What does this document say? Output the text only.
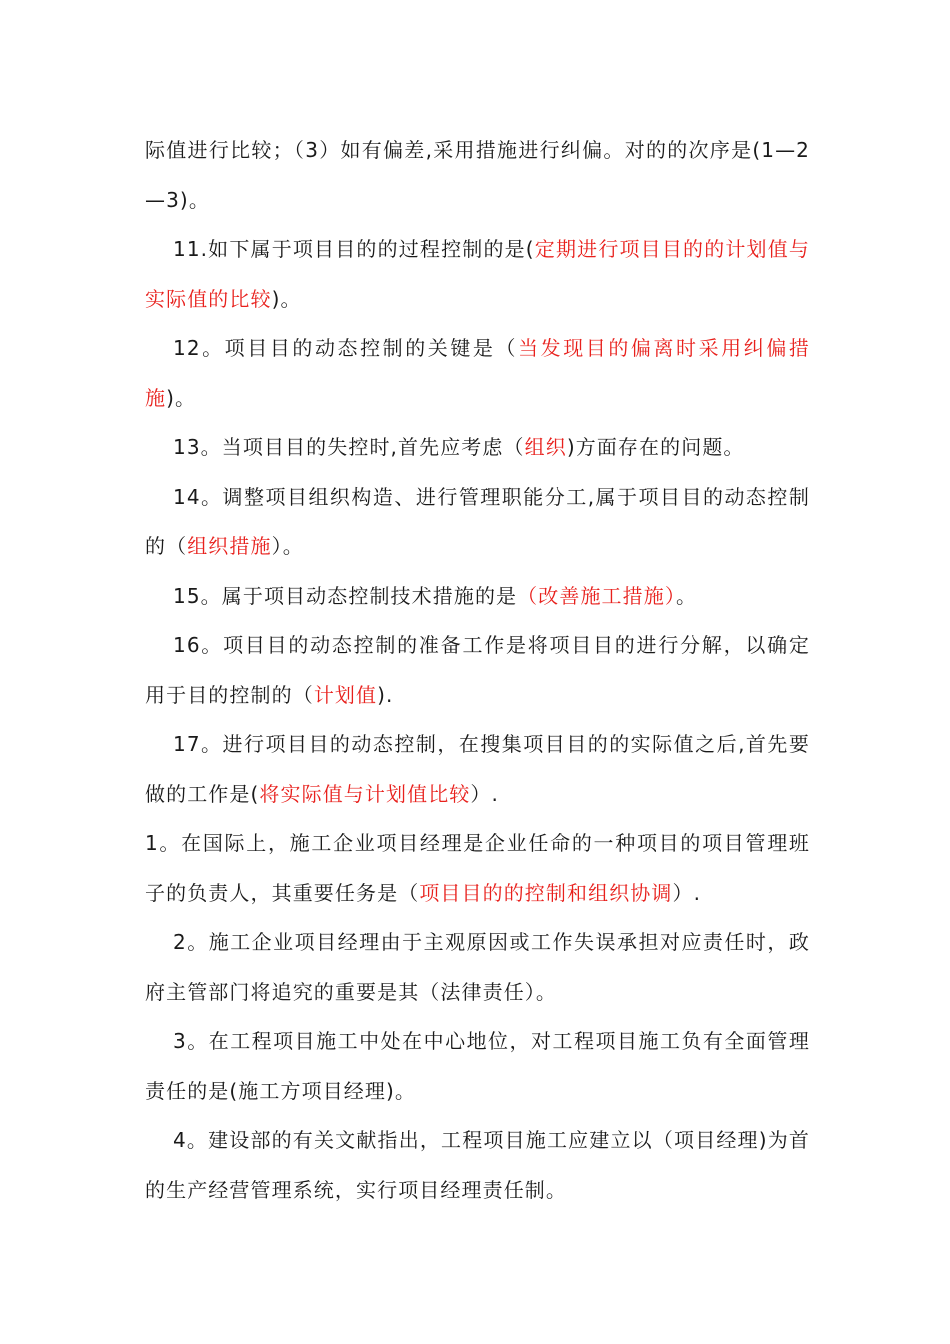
际值进行比较；（3）如有偏差,采用措施进行纠偏。对的的次序是(1—2—3)。

11.如下属于项目目的的过程控制的是(定期进行项目目的的计划值与实际值的比较)。

12。项目目的动态控制的关键是（当发现目的偏离时采用纠偏措施)。

13。当项目目的失控时,首先应考虑（组织)方面存在的问题。

14。调整项目组织构造、进行管理职能分工,属于项目目的动态控制的（组织措施）。

15。属于项目动态控制技术措施的是（改善施工措施）。

16。项目目的动态控制的准备工作是将项目目的进行分解，以确定用于目的控制的（计划值).

17。进行项目目的动态控制，在搜集项目目的的实际值之后,首先要做的工作是(将实际值与计划值比较）.

1。在国际上，施工企业项目经理是企业任命的一种项目的项目管理班子的负责人，其重要任务是（项目目的的控制和组织协调）.

2。施工企业项目经理由于主观原因或工作失误承担对应责任时，政府主管部门将追究的重要是其（法律责任）。

3。在工程项目施工中处在中心地位，对工程项目施工负有全面管理责任的是(施工方项目经理)。

4。建设部的有关文献指出，工程项目施工应建立以（项目经理)为首的生产经营管理系统，实行项目经理责任制。
